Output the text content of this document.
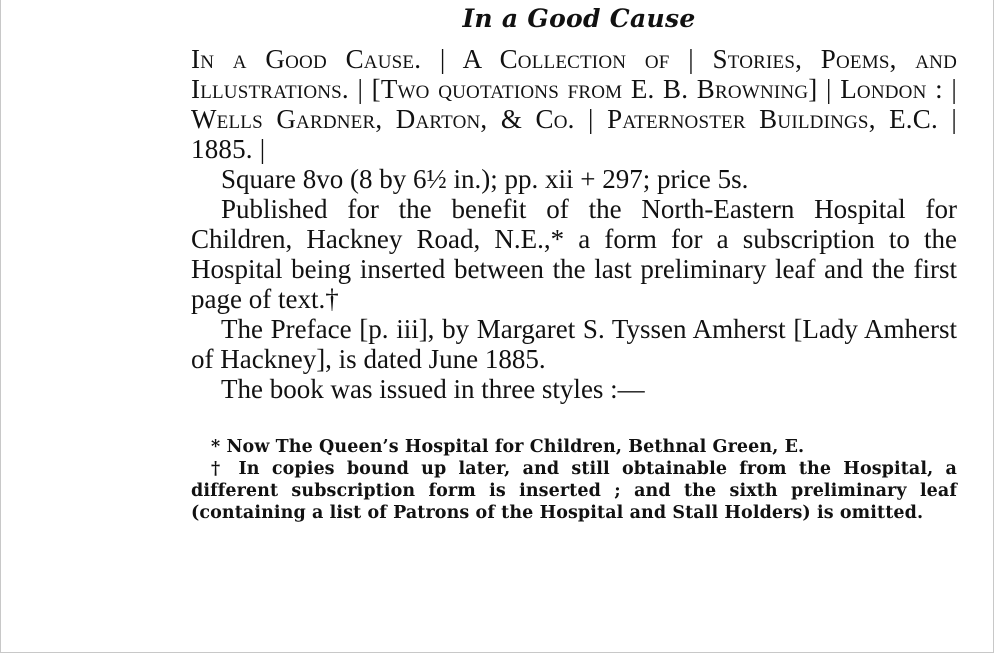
In a Good Cause

In a Good Cause. | A Collection of | Stories, Poems, and Illustrations. | [Two quotations from E. B. Browning] | London : | Wells Gardner, Darton, & Co. | Paternoster Buildings, E.C. | 1885. |

Square 8vo (8 by 6½ in.); pp. xii + 297; price 5s.

Published for the benefit of the North-Eastern Hospital for Children, Hackney Road, N.E.,* a form for a subscription to the Hospital being inserted between the last preliminary leaf and the first page of text.†

The Preface [p. iii], by Margaret S. Tyssen Amherst [Lady Amherst of Hackney], is dated June 1885.

The book was issued in three styles :—

* Now The Queen’s Hospital for Children, Bethnal Green, E.

† In copies bound up later, and still obtainable from the Hospital, a different subscription form is inserted ; and the sixth preliminary leaf (containing a list of Patrons of the Hospital and Stall Holders) is omitted.
